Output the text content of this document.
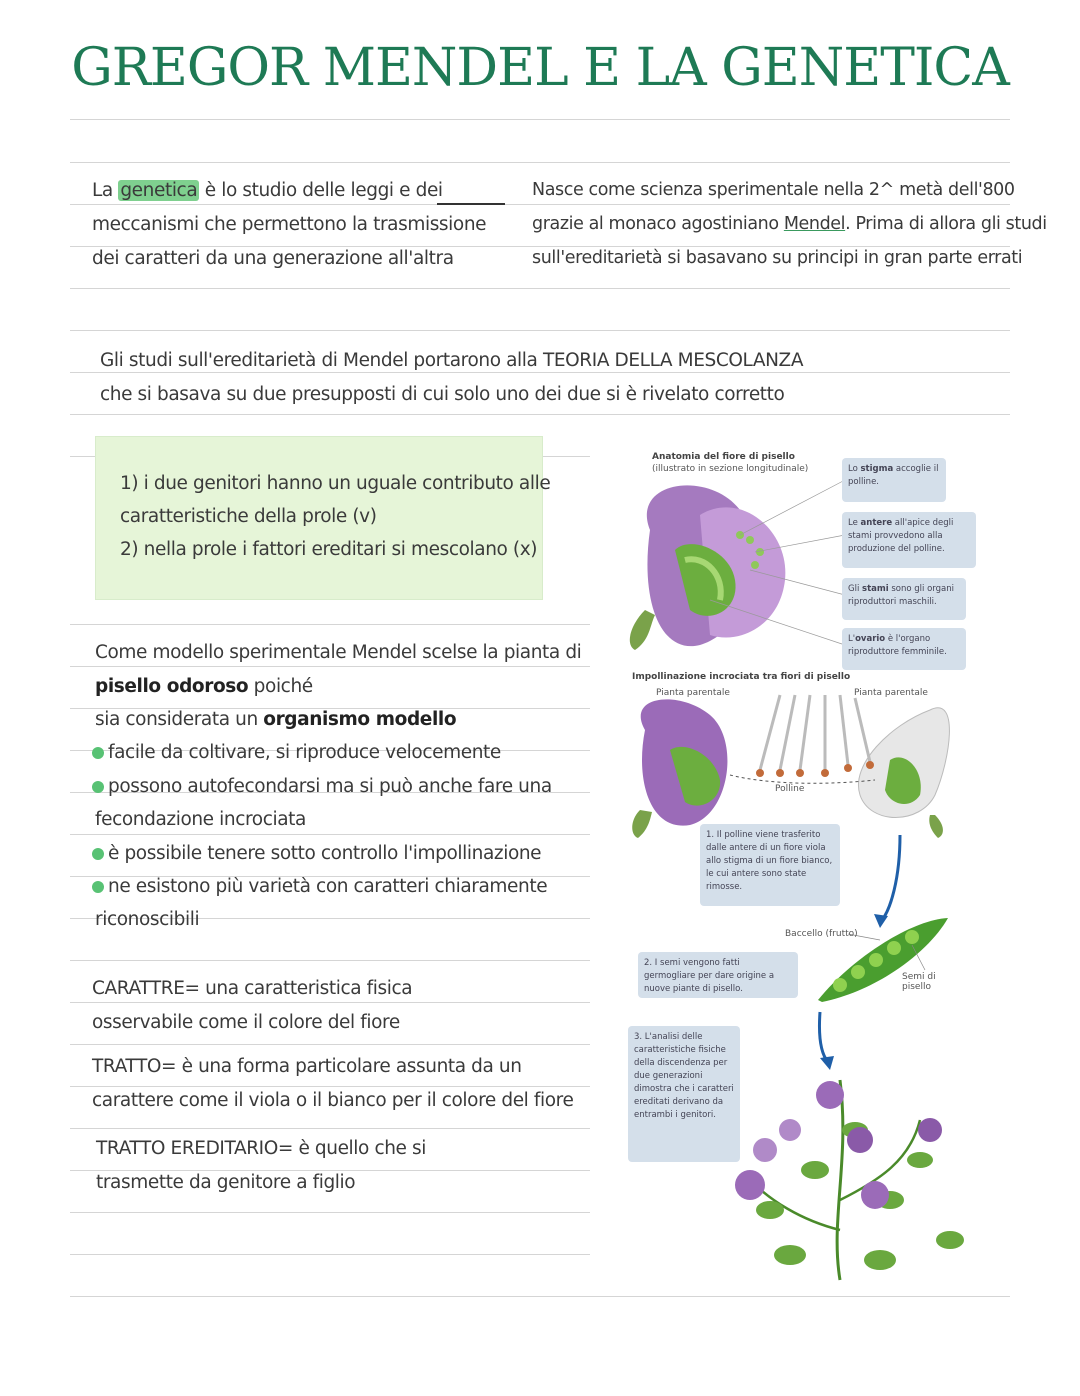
GREGOR MENDEL E LA GENETICA
La genetica è lo studio delle leggi e dei
meccanismi che permettono la trasmissione
dei caratteri da una generazione all'altra
Nasce come scienza sperimentale nella 2^ metà dell'800
grazie al monaco agostiniano Mendel. Prima di allora gli studi
sull'ereditarietà si basavano su principi in gran parte errati
Gli studi sull'ereditarietà di Mendel portarono alla TEORIA DELLA MESCOLANZA
che si basava su due presupposti di cui solo uno dei due si è rivelato corretto
1) i due genitori hanno un uguale contributo alle
caratteristiche della prole (v)
2) nella prole i fattori ereditari si mescolano (x)
Come modello sperimentale Mendel scelse la pianta di
pisello odoroso poiché
sia considerata un organismo modello
facile da coltivare, si riproduce velocemente
possono autofecondarsi ma si può anche fare una
fecondazione incrociata
è possibile tenere sotto controllo l'impollinazione
ne esistono più varietà con caratteri chiaramente
riconoscibili
CARATTRE= una caratteristica fisica
osservabile come il colore del fiore
TRATTO= è una forma particolare assunta da un
carattere come il viola o il bianco per il colore del fiore
TRATTO EREDITARIO= è quello che si
trasmette da genitore a figlio
Anatomia del fiore di pisello
(illustrato in sezione longitudinale)	Lo stigma accoglie il polline.
Le antere all'apice degli stami provvedono alla produzione del polline.
Gli stami sono gli organi riproduttori maschili.
L'ovario è l'organo riproduttore femminile.
Impollinazione incrociata tra fiori di pisello
Pianta parentale	Pianta parentale
Polline
1. Il polline viene trasferito dalle antere di un fiore viola allo stigma di un fiore bianco, le cui antere sono state rimosse.
Baccello (frutto)
Semi di pisello
2. I semi vengono fatti germogliare per dare origine a nuove piante di pisello.
3. L'analisi delle caratteristiche fisiche della discendenza per due generazioni dimostra che i caratteri ereditati derivano da entrambi i genitori.
